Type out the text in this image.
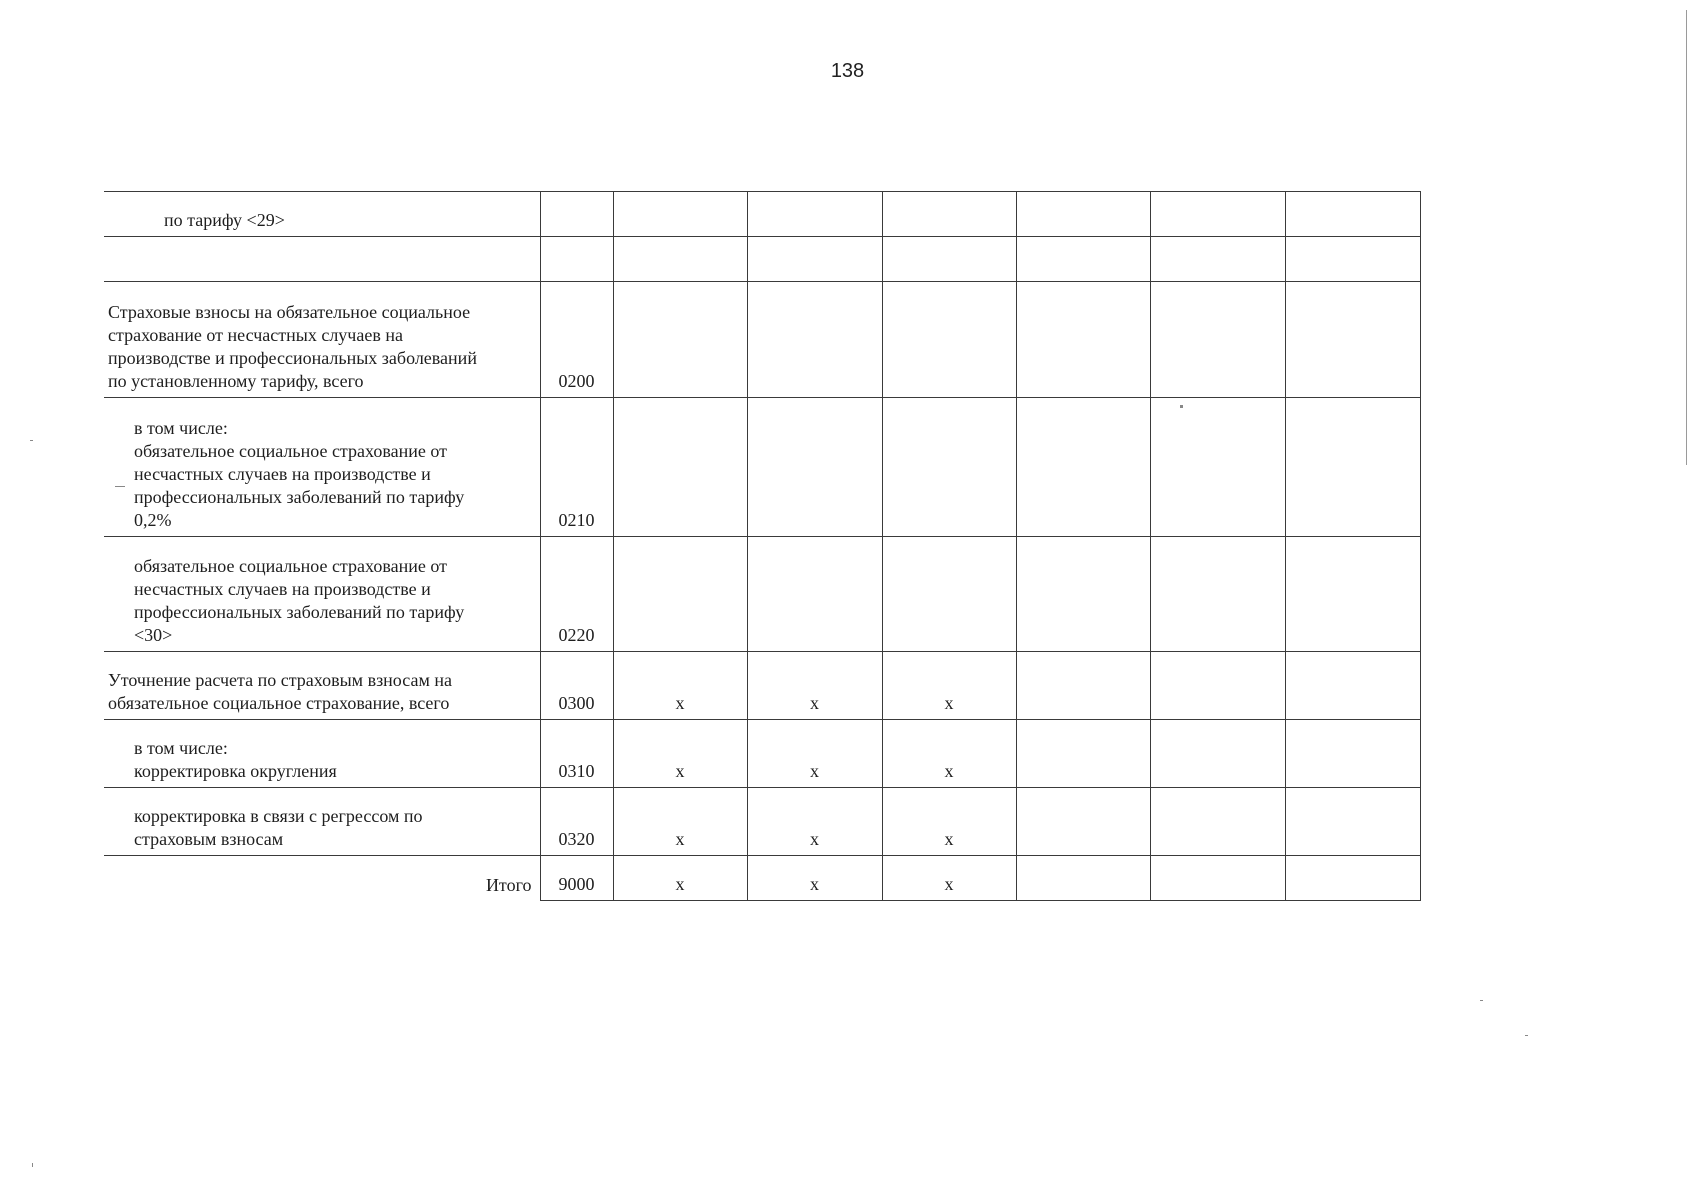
138
по тарифу <29>							

Страховые взносы на обязательное социальное
страхование от несчастных случаев на
производстве и профессиональных заболеваний
по установленному тарифу, всего	0200						

в том числе:
обязательное социальное страхование от
несчастных случаев на производстве и
профессиональных заболеваний по тарифу
0,2%	0210						

обязательное социальное страхование от
несчастных случаев на производстве и
профессиональных заболеваний по тарифу
<30>	0220						

Уточнение расчета по страховым взносам на
обязательное социальное страхование, всего	0300	x	x	x			

в том числе:
корректировка округления	0310	x	x	x			

корректировка в связи с регрессом по
страховым взносам	0320	x	x	x			

Итого	9000	x	x	x			
